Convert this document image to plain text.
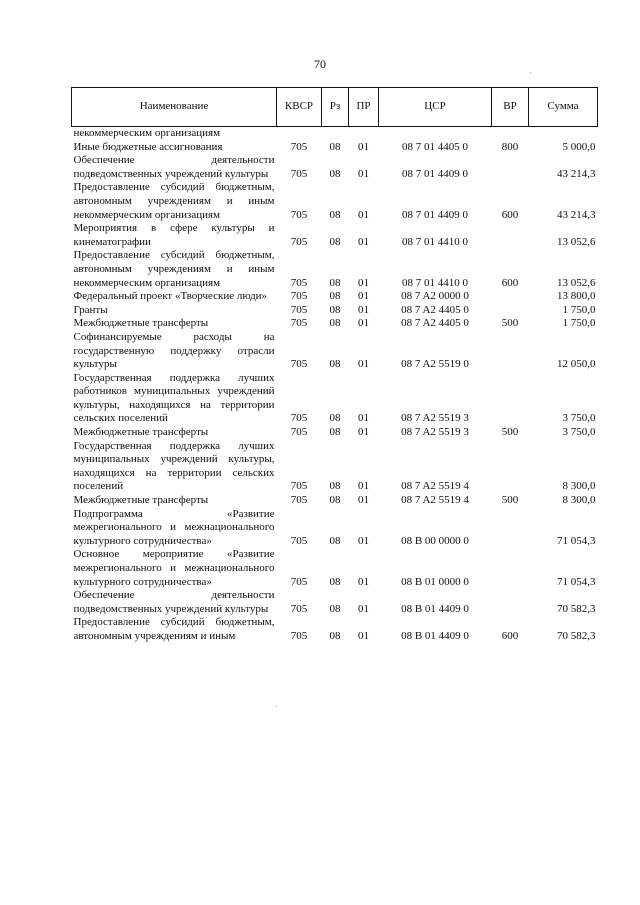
70
Наименование	КВСР	Рз	ПР	ЦСР	ВР	Сумма
некоммерческим организациям						
Иные бюджетные ассигнования	705	08	01	08 7 01 4405 0	800	5 000,0
Обеспечение деятельности подведомственных учреждений культуры	705	08	01	08 7 01 4409 0		43 214,3
Предоставление субсидий бюджетным, автономным учреждениям и иным некоммерческим организациям	705	08	01	08 7 01 4409 0	600	43 214,3
Мероприятия в сфере культуры и кинематографии	705	08	01	08 7 01 4410 0		13 052,6
Предоставление субсидий бюджетным, автономным учреждениям и иным некоммерческим организациям	705	08	01	08 7 01 4410 0	600	13 052,6
Федеральный проект «Творческие люди»	705	08	01	08 7 A2 0000 0		13 800,0
Гранты	705	08	01	08 7 A2 4405 0		1 750,0
Межбюджетные трансферты	705	08	01	08 7 A2 4405 0	500	1 750,0
Софинансируемые расходы на государственную поддержку отрасли культуры	705	08	01	08 7 A2 5519 0		12 050,0
Государственная поддержка лучших работников муниципальных учреждений культуры, находящихся на территории сельских поселений	705	08	01	08 7 A2 5519 3		3 750,0
Межбюджетные трансферты	705	08	01	08 7 A2 5519 3	500	3 750,0
Государственная поддержка лучших муниципальных учреждений культуры, находящихся на территории сельских поселений	705	08	01	08 7 A2 5519 4		8 300,0
Межбюджетные трансферты	705	08	01	08 7 A2 5519 4	500	8 300,0
Подпрограмма «Развитие межрегионального и межнационального культурного сотрудничества»	705	08	01	08 B 00 0000 0		71 054,3
Основное мероприятие «Развитие межрегионального и межнационального культурного сотрудничества»	705	08	01	08 B 01 0000 0		71 054,3
Обеспечение деятельности подведомственных учреждений культуры	705	08	01	08 B 01 4409 0		70 582,3
Предоставление субсидий бюджетным, автономным учреждениям и иным	705	08	01	08 B 01 4409 0	600	70 582,3
